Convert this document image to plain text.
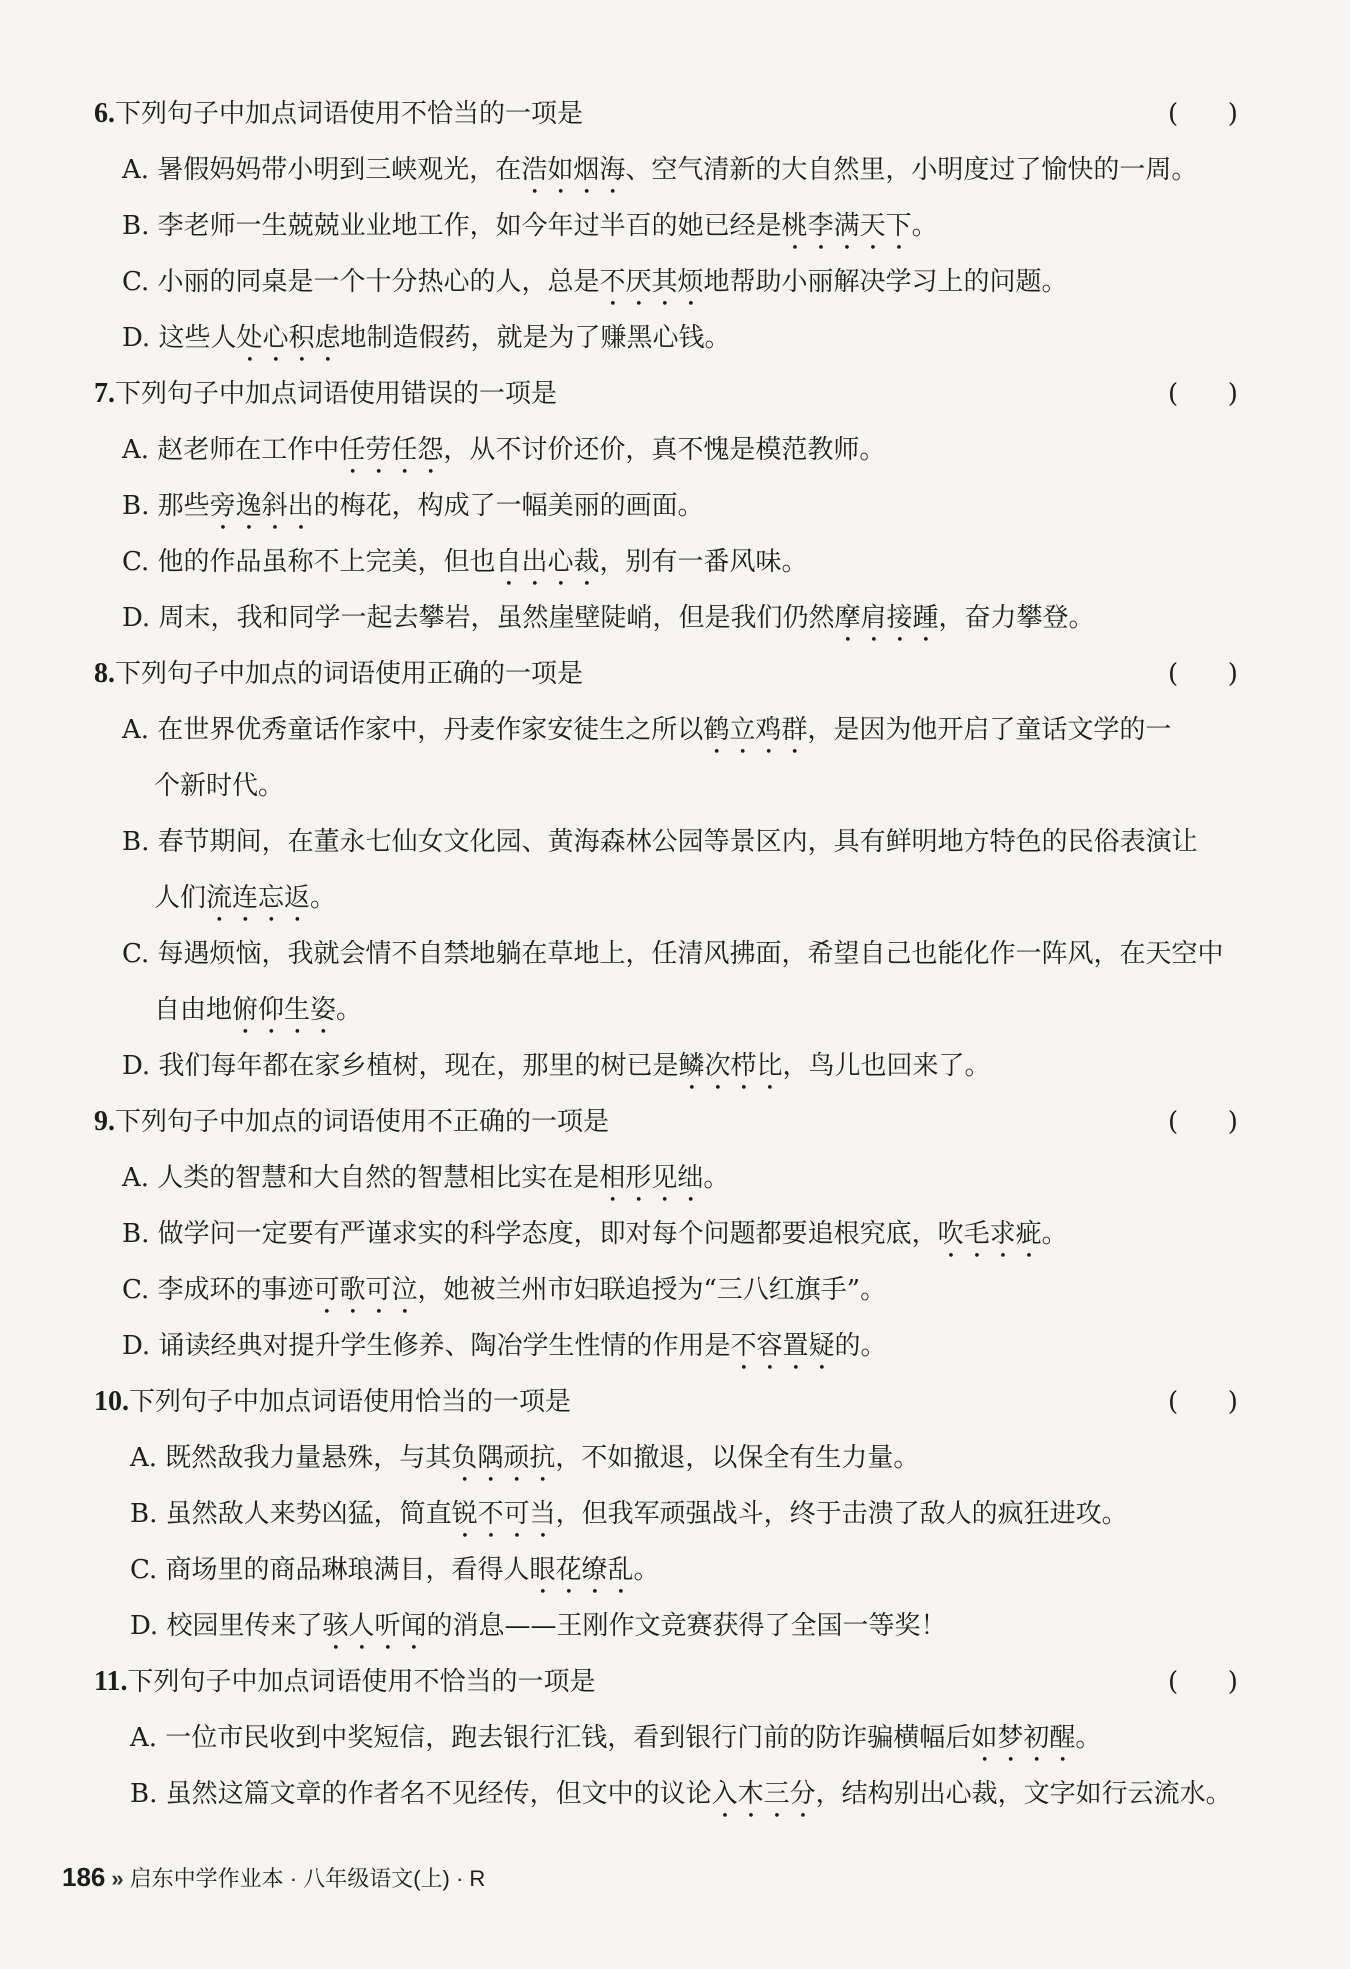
6.下列句子中加点词语使用不恰当的一项是	(      )
A. 暑假妈妈带小明到三峡观光，在浩如烟海、空气清新的大自然里，小明度过了愉快的一周。
B. 李老师一生兢兢业业地工作，如今年过半百的她已经是桃李满天下。
C. 小丽的同桌是一个十分热心的人，总是不厌其烦地帮助小丽解决学习上的问题。
D. 这些人处心积虑地制造假药，就是为了赚黑心钱。
7.下列句子中加点词语使用错误的一项是	(      )
A. 赵老师在工作中任劳任怨，从不讨价还价，真不愧是模范教师。
B. 那些旁逸斜出的梅花，构成了一幅美丽的画面。
C. 他的作品虽称不上完美，但也自出心裁，别有一番风味。
D. 周末，我和同学一起去攀岩，虽然崖壁陡峭，但是我们仍然摩肩接踵，奋力攀登。
8.下列句子中加点的词语使用正确的一项是	(      )
A. 在世界优秀童话作家中，丹麦作家安徒生之所以鹤立鸡群，是因为他开启了童话文学的一
个新时代。
B. 春节期间，在董永七仙女文化园、黄海森林公园等景区内，具有鲜明地方特色的民俗表演让
人们流连忘返。
C. 每遇烦恼，我就会情不自禁地躺在草地上，任清风拂面，希望自己也能化作一阵风，在天空中
自由地俯仰生姿。
D. 我们每年都在家乡植树，现在，那里的树已是鳞次栉比，鸟儿也回来了。
9.下列句子中加点的词语使用不正确的一项是	(      )
A. 人类的智慧和大自然的智慧相比实在是相形见绌。
B. 做学问一定要有严谨求实的科学态度，即对每个问题都要追根究底，吹毛求疵。
C. 李成环的事迹可歌可泣，她被兰州市妇联追授为“三八红旗手”。
D. 诵读经典对提升学生修养、陶冶学生性情的作用是不容置疑的。
10.下列句子中加点词语使用恰当的一项是	(      )
A. 既然敌我力量悬殊，与其负隅顽抗，不如撤退，以保全有生力量。
B. 虽然敌人来势凶猛，简直锐不可当，但我军顽强战斗，终于击溃了敌人的疯狂进攻。
C. 商场里的商品琳琅满目，看得人眼花缭乱。
D. 校园里传来了骇人听闻的消息——王刚作文竞赛获得了全国一等奖！
11.下列句子中加点词语使用不恰当的一项是	(      )
A. 一位市民收到中奖短信，跑去银行汇钱，看到银行门前的防诈骗横幅后如梦初醒。
B. 虽然这篇文章的作者名不见经传，但文中的议论入木三分，结构别出心裁，文字如行云流水。
186 » 启东中学作业本 · 八年级语文(上) · R
